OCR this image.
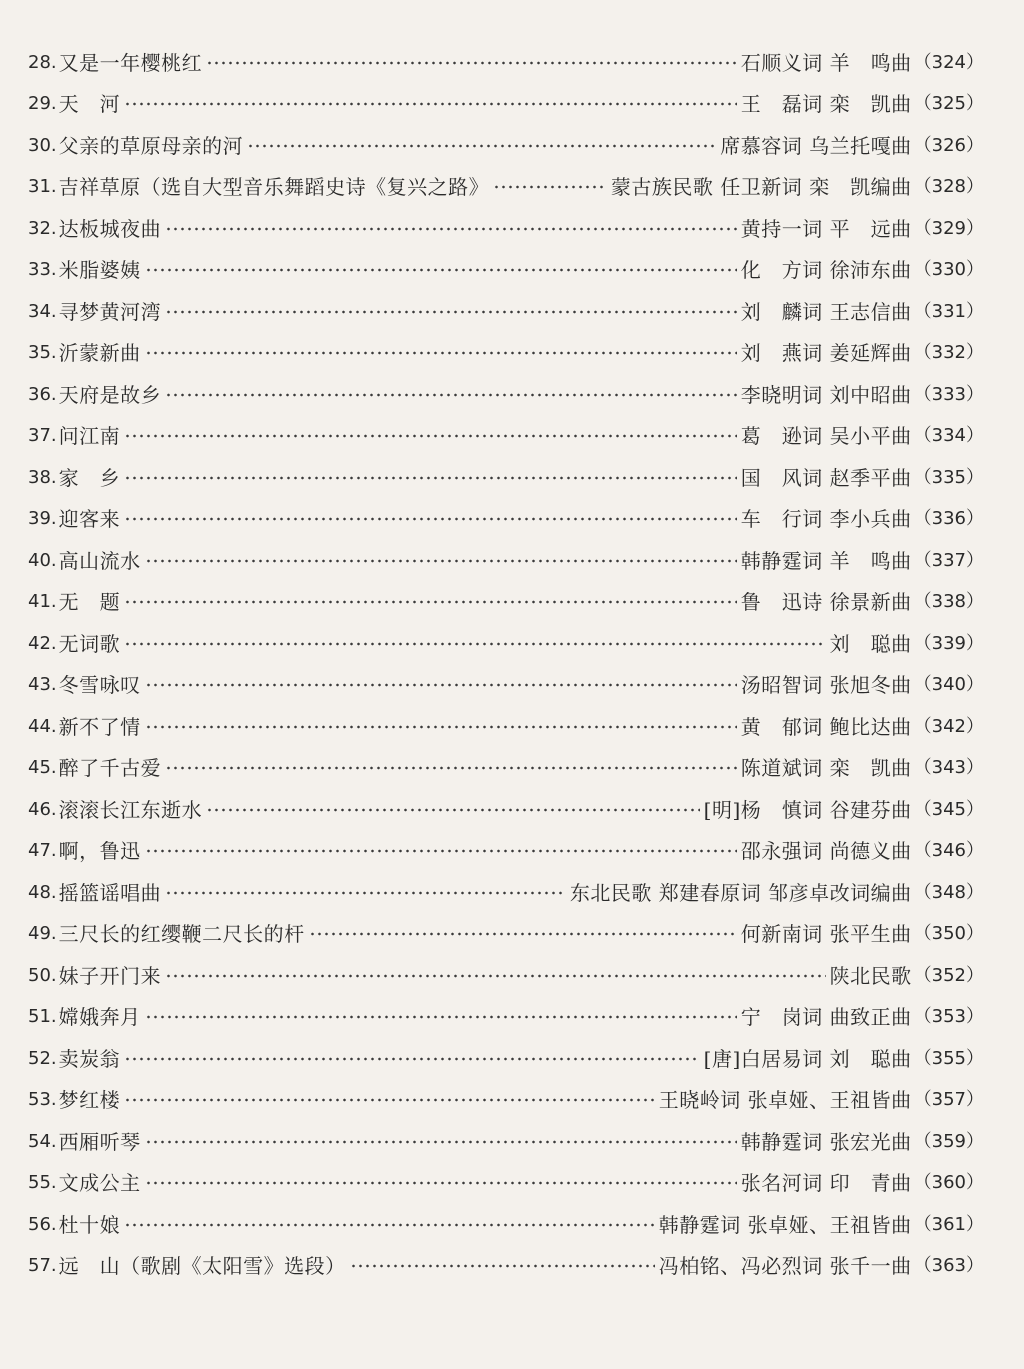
28. 又是一年樱桃红	石顺义词 羊　鸣曲 （324）
29. 天　河	王　磊词 栾　凯曲 （325）
30. 父亲的草原母亲的河	席慕容词 乌兰托嘎曲 （326）
31. 吉祥草原（选自大型音乐舞蹈史诗《复兴之路》	蒙古族民歌 任卫新词 栾　凯编曲 （328）
32. 达板城夜曲	黄持一词 平　远曲 （329）
33. 米脂婆姨	化　方词 徐沛东曲 （330）
34. 寻梦黄河湾	刘　麟词 王志信曲 （331）
35. 沂蒙新曲	刘　燕词 姜延辉曲 （332）
36. 天府是故乡	李晓明词 刘中昭曲 （333）
37. 问江南	葛　逊词 吴小平曲 （334）
38. 家　乡	国　风词 赵季平曲 （335）
39. 迎客来	车　行词 李小兵曲 （336）
40. 高山流水	韩静霆词 羊　鸣曲 （337）
41. 无　题	鲁　迅诗 徐景新曲 （338）
42. 无词歌	刘　聪曲 （339）
43. 冬雪咏叹	汤昭智词 张旭冬曲 （340）
44. 新不了情	黄　郁词 鲍比达曲 （342）
45. 醉了千古爱	陈道斌词 栾　凯曲 （343）
46. 滚滚长江东逝水	[明]杨　慎词 谷建芬曲 （345）
47. 啊，鲁迅	邵永强词 尚德义曲 （346）
48. 摇篮谣唱曲	东北民歌 郑建春原词 邹彦卓改词编曲 （348）
49. 三尺长的红缨鞭二尺长的杆	何新南词 张平生曲 （350）
50. 妹子开门来	陕北民歌 （352）
51. 嫦娥奔月	宁　岗词 曲致正曲 （353）
52. 卖炭翁	[唐]白居易词 刘　聪曲 （355）
53. 梦红楼	王晓岭词 张卓娅、王祖皆曲 （357）
54. 西厢听琴	韩静霆词 张宏光曲 （359）
55. 文成公主	张名河词 印　青曲 （360）
56. 杜十娘	韩静霆词 张卓娅、王祖皆曲 （361）
57. 远　山（歌剧《太阳雪》选段）	冯柏铭、冯必烈词 张千一曲 （363）
